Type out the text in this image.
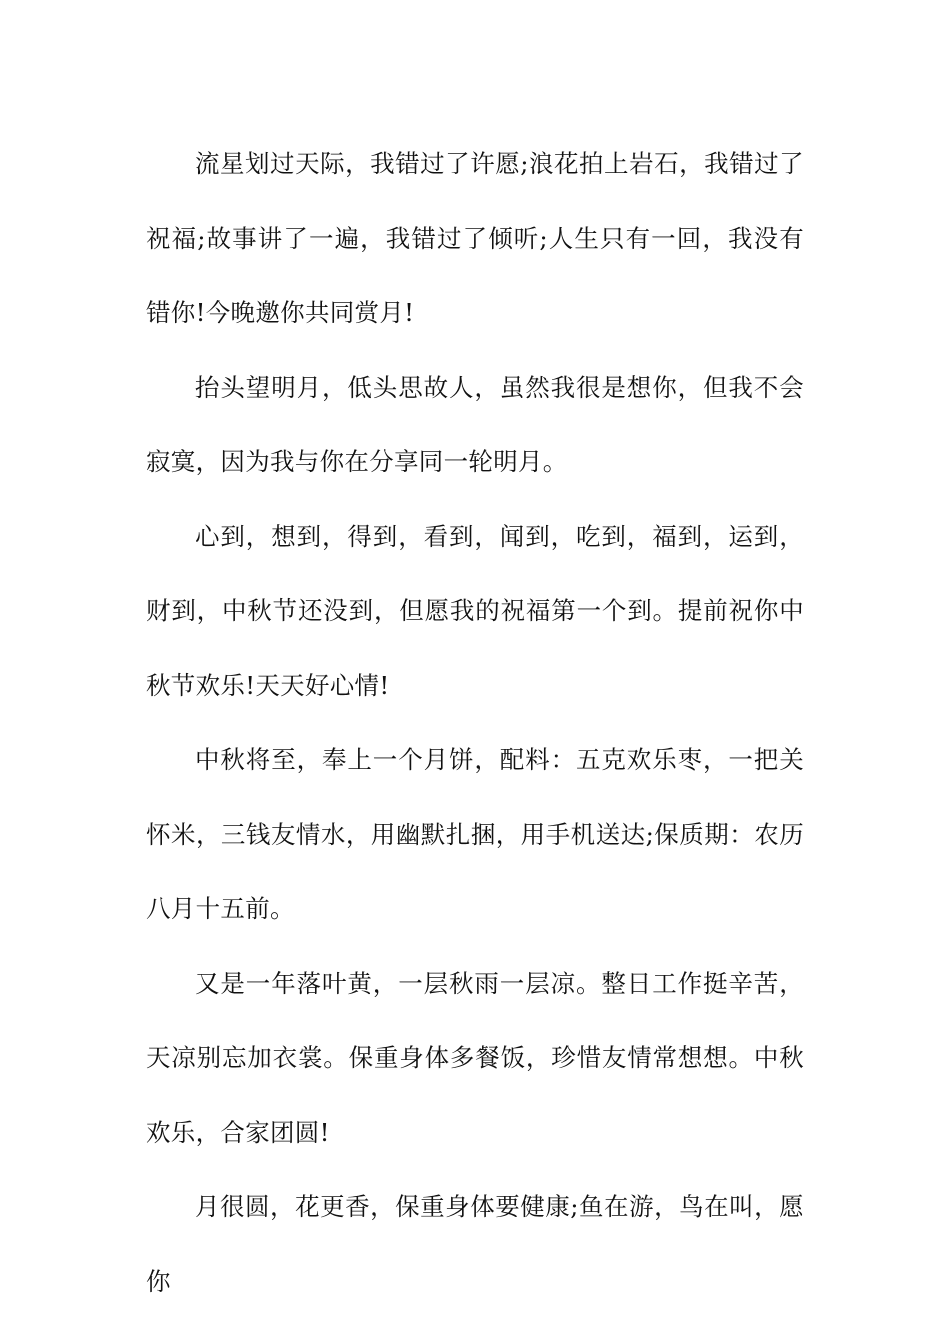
流星划过天际，我错过了许愿;浪花拍上岩石，我错过了祝福;故事讲了一遍，我错过了倾听;人生只有一回，我没有错你!今晚邀你共同赏月!

抬头望明月，低头思故人，虽然我很是想你，但我不会寂寞，因为我与你在分享同一轮明月。

心到，想到，得到，看到，闻到，吃到，福到，运到，财到，中秋节还没到，但愿我的祝福第一个到。提前祝你中秋节欢乐!天天好心情!

中秋将至，奉上一个月饼，配料：五克欢乐枣，一把关怀米，三钱友情水，用幽默扎捆，用手机送达;保质期：农历八月十五前。

又是一年落叶黄，一层秋雨一层凉。整日工作挺辛苦，天凉别忘加衣裳。保重身体多餐饭，珍惜友情常想想。中秋欢乐，合家团圆!

月很圆，花更香，保重身体要健康;鱼在游，鸟在叫，愿你
